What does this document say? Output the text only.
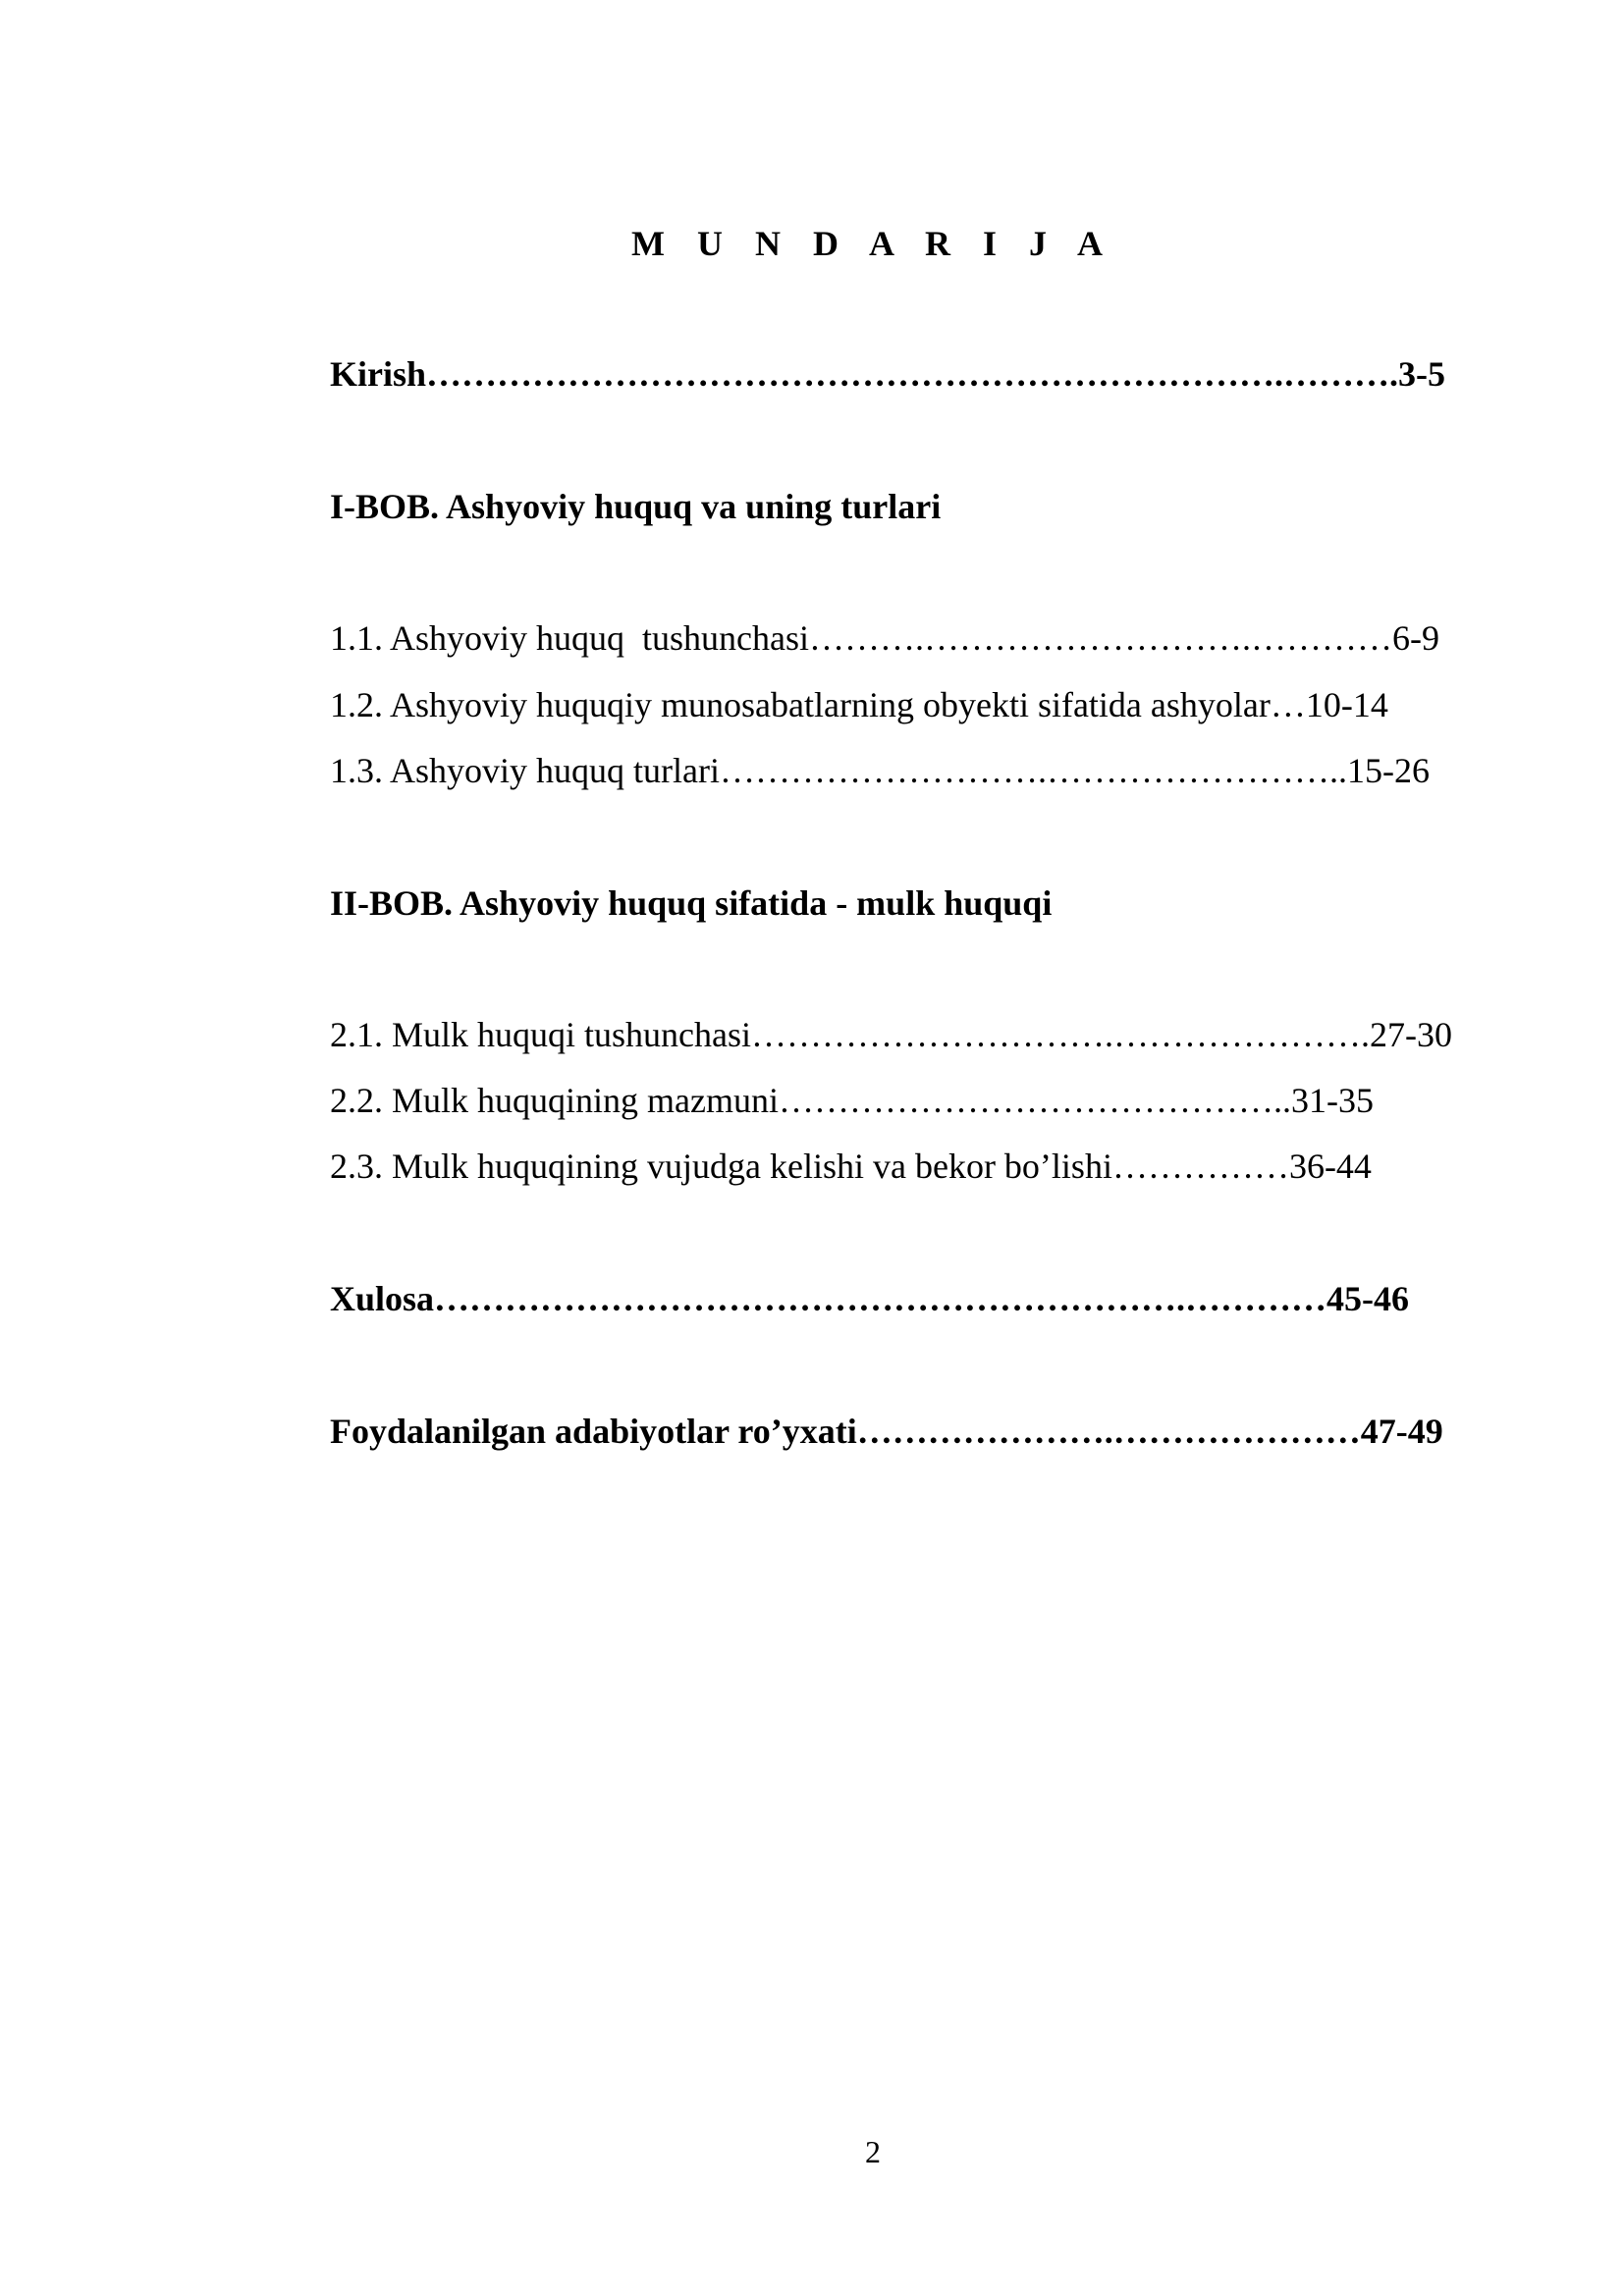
M U N D A R I J A
Kirish……………………………………………………………….……….3-5
I-BOB. Ashyoviy huquq va uning turlari
1.1. Ashyoviy huquq  tushunchasi……….……………………….…………6-9
1.2. Ashyoviy huquqiy munosabatlarning obyekti sifatida ashyolar…10-14
1.3. Ashyoviy huquq turlari……………………….……………………..15-26
II-BOB. Ashyoviy huquq sifatida - mulk huquqi
2.1. Mulk huquqi tushunchasi………………………….………………….27-30
2.2. Mulk huquqining mazmuni……………………………………..31-35
2.3. Mulk huquqining vujudga kelishi va bekor bo’lishi……………36-44
Xulosa……………………………………………………….…………45-46
Foydalanilgan adabiyotlar ro’yxati………………….…………………47-49
2
